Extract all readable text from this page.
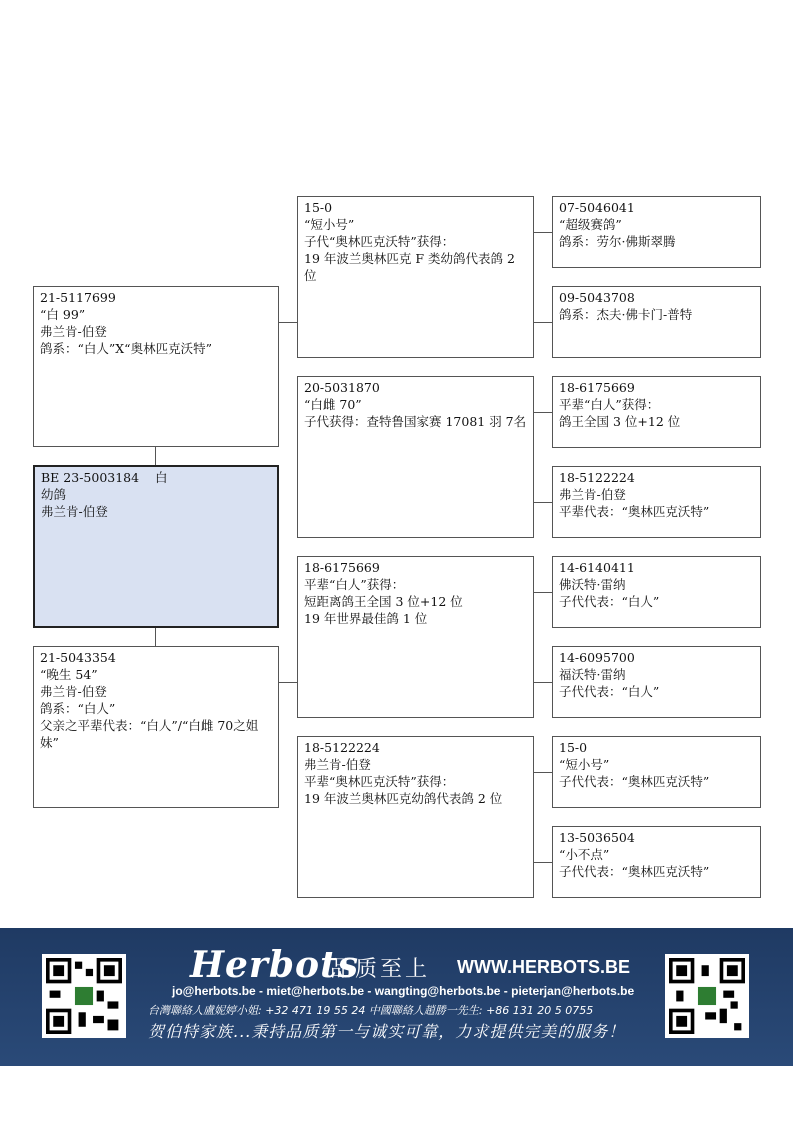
BE 23-5003184    白
幼鸽
弗兰肯-伯登
21-5117699
“白 99”
弗兰肯-伯登
鸽系：“白人”X“奥林匹克沃特”
21-5043354
“晚生 54”
弗兰肯-伯登
鸽系：“白人”
父亲之平辈代表：“白人”/“白雌 70之姐妹”
15-0
“短小号”
子代“奥林匹克沃特”获得：
19 年波兰奥林匹克 F 类幼鸽代表鸽 2位
20-5031870
“白雌 70”
子代获得：查特鲁国家赛 17081 羽 7名
18-6175669
平辈“白人”获得：
短距离鸽王全国 3 位+12 位
19 年世界最佳鸽 1 位
18-5122224
弗兰肯-伯登
平辈“奥林匹克沃特”获得：
19 年波兰奥林匹克幼鸽代表鸽 2 位
07-5046041
“超级赛鸽”
鸽系：劳尔·佛斯翠腾
09-5043708
鸽系：杰夫·佛卡门-普特
18-6175669
平辈“白人”获得：
鸽王全国 3 位+12 位
18-5122224
弗兰肯-伯登
平辈代表：“奥林匹克沃特”
14-6140411
佛沃特·雷纳
子代代表：“白人”
14-6095700
福沃特·雷纳
子代代表：“白人”
15-0
“短小号”
子代代表：“奥林匹克沃特”
13-5036504
“小不点”
子代代表：“奥林匹克沃特”
Herbots
品质至上 WWW.HERBOTS.BE
jo@herbots.be - miet@herbots.be - wangting@herbots.be - pieterjan@herbots.be
台灣聯絡人盧妮婷小姐: +32 471 19 55 24 中國聯絡人趙勝一先生: +86 131 20 5 0755
贺伯特家族...秉持品质第一与诚实可靠，力求提供完美的服务！
